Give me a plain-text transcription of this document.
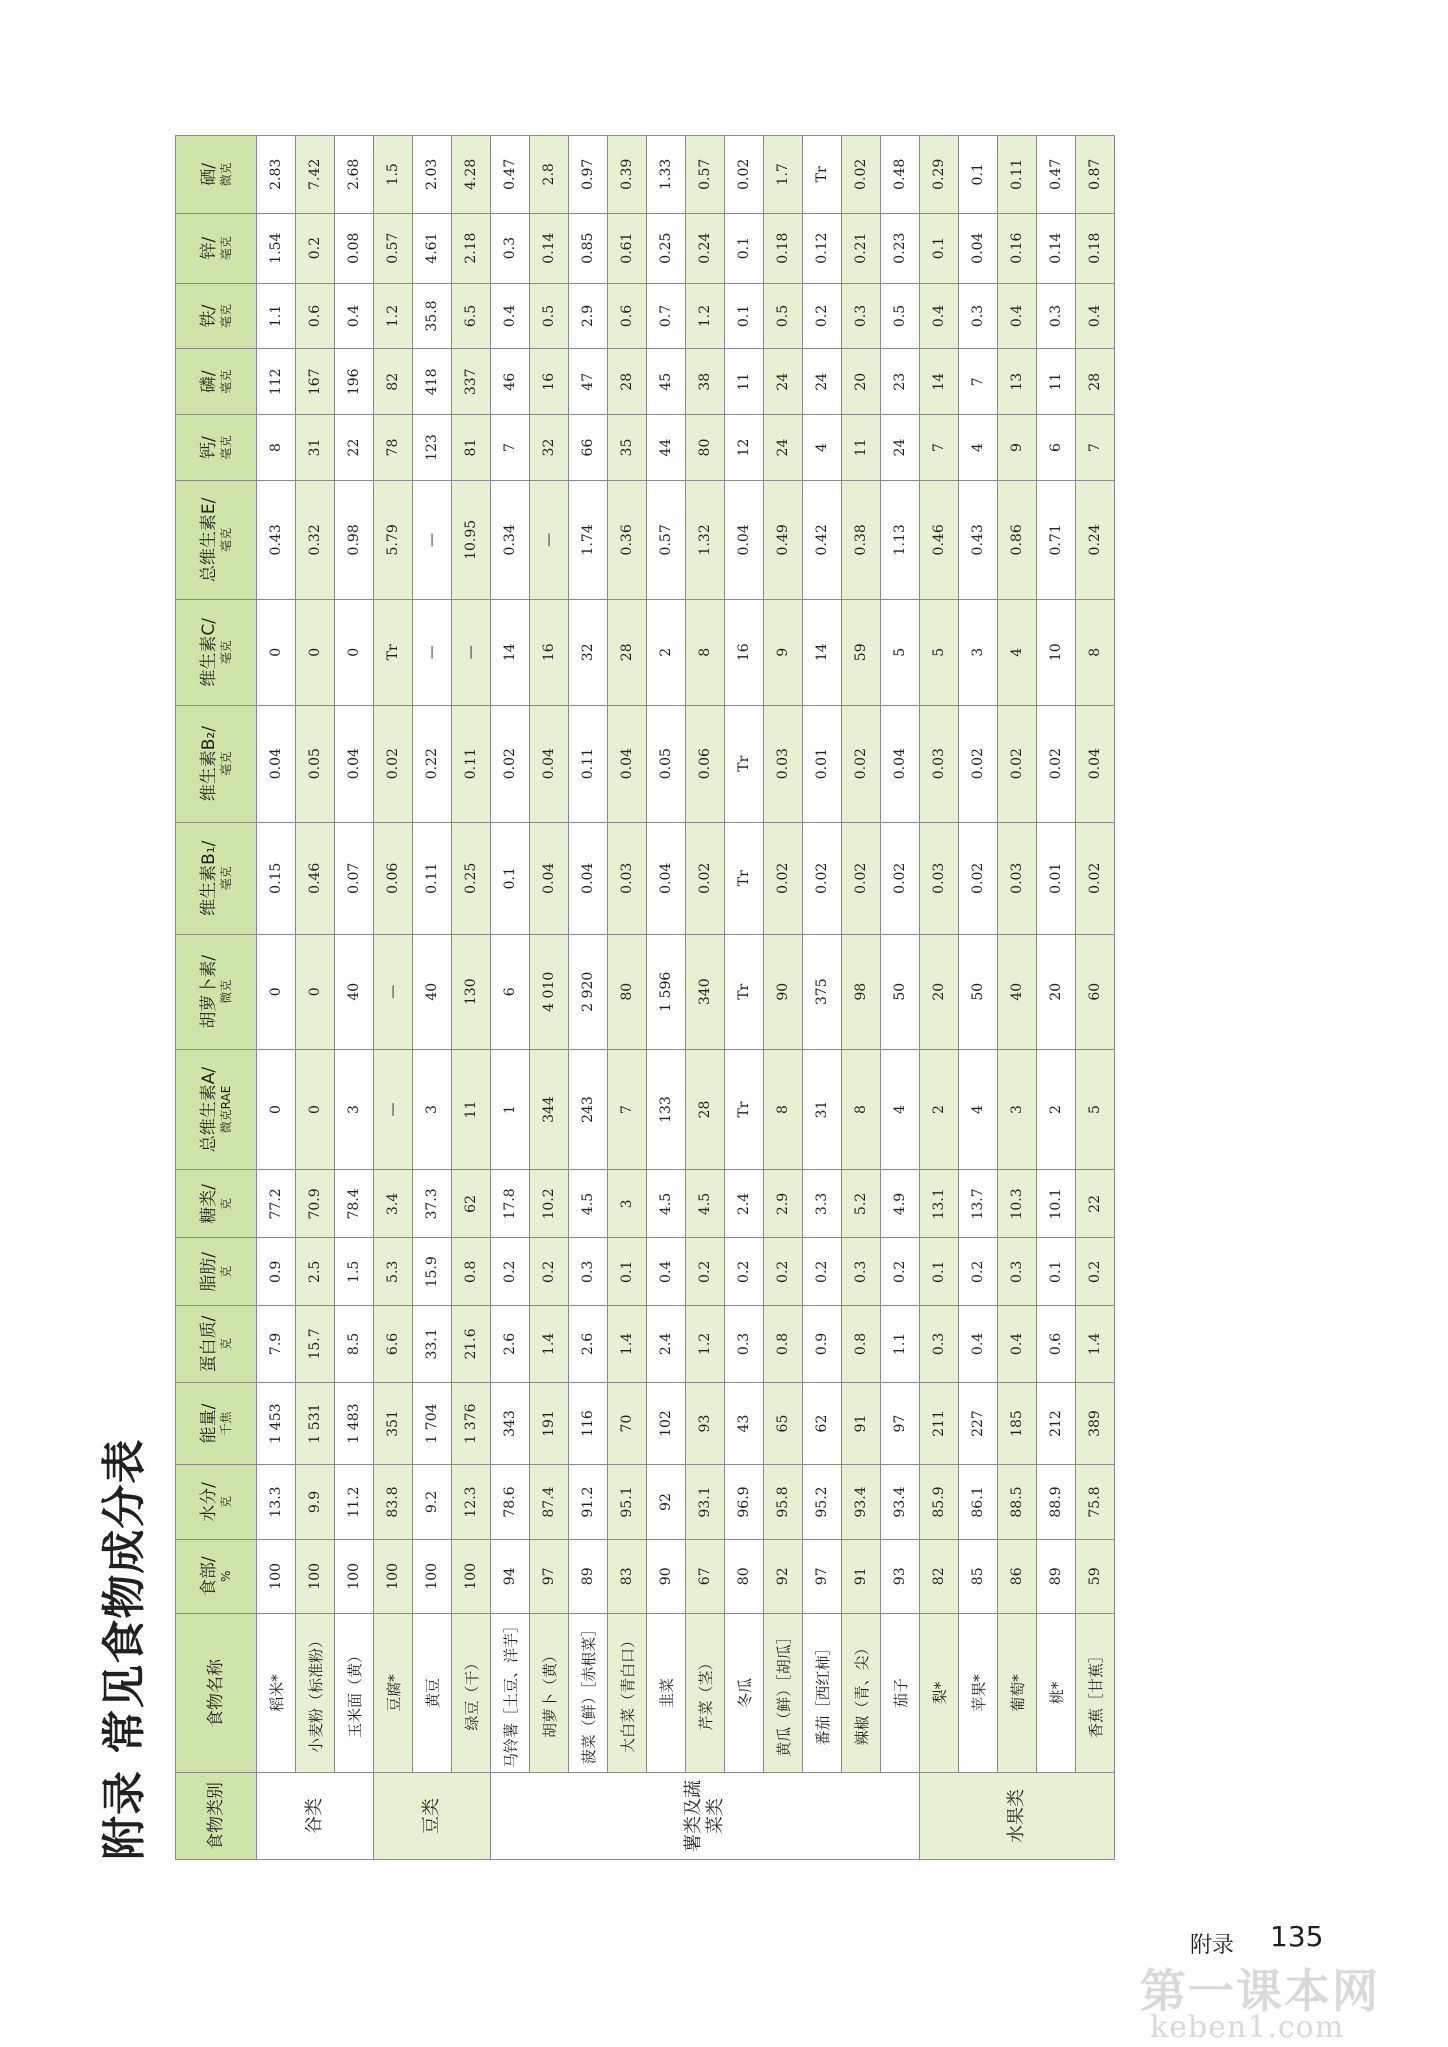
附录 常见食物成分表	食物类别	食物名称	食部/ %	水分/ 克	能量/ 千焦	蛋白质/ 克	脂肪/ 克	糖类/ 克	总维生素A/ 微克RAE	胡萝卜素/ 微克	维生素B₁/ 毫克	维生素B₂/ 毫克	维生素C/ 毫克	总维生素E/ 毫克	钙/ 毫克	磷/ 毫克	铁/ 毫克	锌/ 毫克	硒/ 微克

谷类	稻米*	100	13.3	1 453	7.9	0.9	77.2	0	0	0.15	0.04	0	0.43	8	112	1.1	1.54	2.83
	小麦粉（标准粉）	100	9.9	1 531	15.7	2.5	70.9	0	0	0.46	0.05	0	0.32	31	167	0.6	0.2	7.42
	玉米面（黄）	100	11.2	1 483	8.5	1.5	78.4	3	40	0.07	0.04	0	0.98	22	196	0.4	0.08	2.68
豆类	豆腐*	100	83.8	351	6.6	5.3	3.4	—	—	0.06	0.02	Tr	5.79	78	82	1.2	0.57	1.5
	黄豆	100	9.2	1 704	33.1	15.9	37.3	3	40	0.11	0.22	—	—	123	418	35.8	4.61	2.03
	绿豆（干）	100	12.3	1 376	21.6	0.8	62	11	130	0.25	0.11	—	10.95	81	337	6.5	2.18	4.28
薯类及蔬菜类	马铃薯［土豆、洋芋］	94	78.6	343	2.6	0.2	17.8	1	6	0.1	0.02	14	0.34	7	46	0.4	0.3	0.47
	胡萝卜（黄）	97	87.4	191	1.4	0.2	10.2	344	4 010	0.04	0.04	16	—	32	16	0.5	0.14	2.8
	菠菜（鲜）［赤根菜］	89	91.2	116	2.6	0.3	4.5	243	2 920	0.04	0.11	32	1.74	66	47	2.9	0.85	0.97
	大白菜（青白口）	83	95.1	70	1.4	0.1	3	7	80	0.03	0.04	28	0.36	35	28	0.6	0.61	0.39
	韭菜	90	92	102	2.4	0.4	4.5	133	1 596	0.04	0.05	2	0.57	44	45	0.7	0.25	1.33
	芹菜（茎）	67	93.1	93	1.2	0.2	4.5	28	340	0.02	0.06	8	1.32	80	38	1.2	0.24	0.57
	冬瓜	80	96.9	43	0.3	0.2	2.4	Tr	Tr	Tr	Tr	16	0.04	12	11	0.1	0.1	0.02
	黄瓜（鲜）［胡瓜］	92	95.8	65	0.8	0.2	2.9	8	90	0.02	0.03	9	0.49	24	24	0.5	0.18	1.7
	番茄［西红柿］	97	95.2	62	0.9	0.2	3.3	31	375	0.02	0.01	14	0.42	4	24	0.2	0.12	Tr
	辣椒（青、尖）	91	93.4	91	0.8	0.3	5.2	8	98	0.02	0.02	59	0.38	11	20	0.3	0.21	0.02
	茄子	93	93.4	97	1.1	0.2	4.9	4	50	0.02	0.04	5	1.13	24	23	0.5	0.23	0.48
水果类	梨*	82	85.9	211	0.3	0.1	13.1	2	20	0.03	0.03	5	0.46	7	14	0.4	0.1	0.29
	苹果*	85	86.1	227	0.4	0.2	13.7	4	50	0.02	0.02	3	0.43	4	7	0.3	0.04	0.1
	葡萄*	86	88.5	185	0.4	0.3	10.3	3	40	0.03	0.02	4	0.86	9	13	0.4	0.16	0.11
	桃*	89	88.9	212	0.6	0.1	10.1	2	20	0.01	0.02	10	0.71	6	11	0.3	0.14	0.47
	香蕉［甘蕉］	59	75.8	389	1.4	0.2	22	5	60	0.02	0.04	8	0.24	7	28	0.4	0.18	0.87
附录 135
第一课本网
keben1.com
